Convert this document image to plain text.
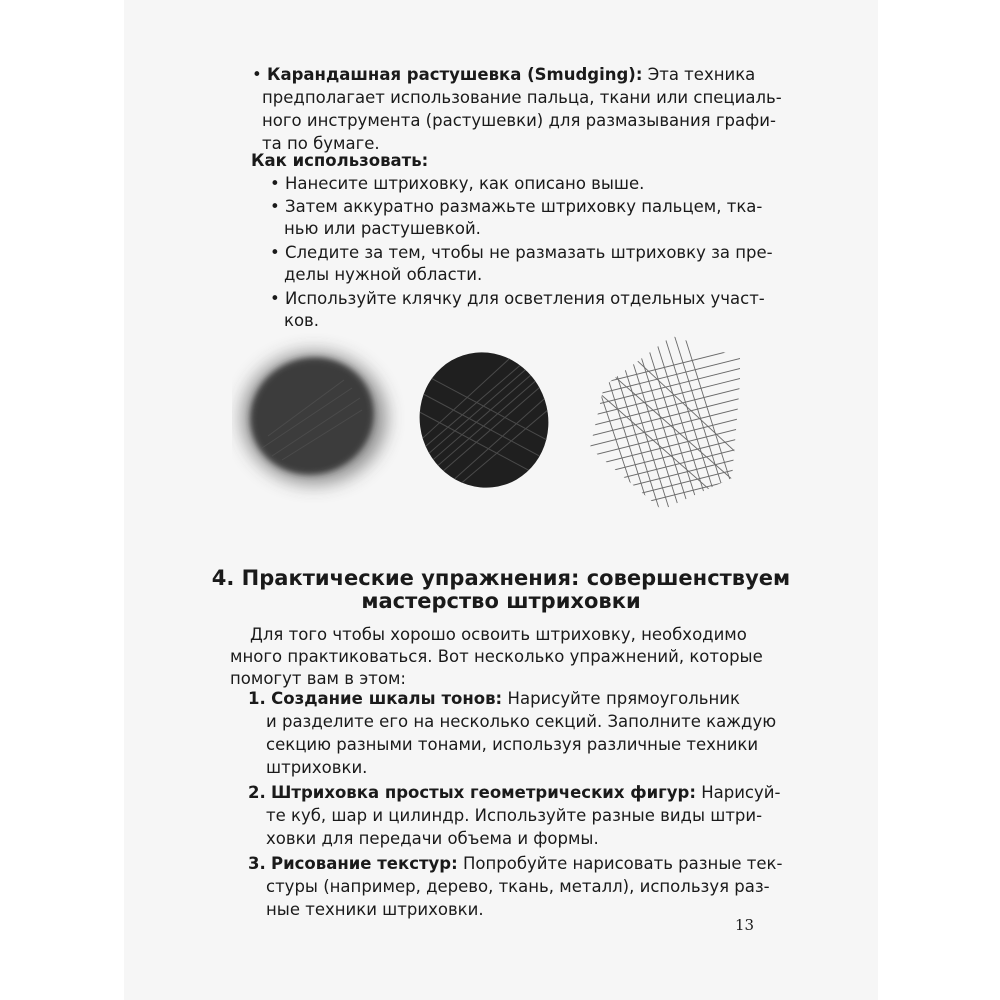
• Карандашная растушевка (Smudging): Эта техника
предполагает использование пальца, ткани или специаль-
ного инструмента (растушевки) для размазывания графи-
та по бумаге.
Как использовать:
• Нанесите штриховку, как описано выше.
• Затем аккуратно размажьте штриховку пальцем, тка-
нью или растушевкой.
• Следите за тем, чтобы не размазать штриховку за пре-
делы нужной области.
• Используйте клячку для осветления отдельных участ-
ков.
4. Практические упражнения: совершенствуем
мастерство штриховки
Для того чтобы хорошо освоить штриховку, необходимо
много практиковаться. Вот несколько упражнений, которые
помогут вам в этом:
1. Создание шкалы тонов: Нарисуйте прямоугольник
и разделите его на несколько секций. Заполните каждую
секцию разными тонами, используя различные техники
штриховки.
2. Штриховка простых геометрических фигур: Нарисуй-
те куб, шар и цилиндр. Используйте разные виды штри-
ховки для передачи объема и формы.
3. Рисование текстур: Попробуйте нарисовать разные тек-
стуры (например, дерево, ткань, металл), используя раз-
ные техники штриховки.
13
